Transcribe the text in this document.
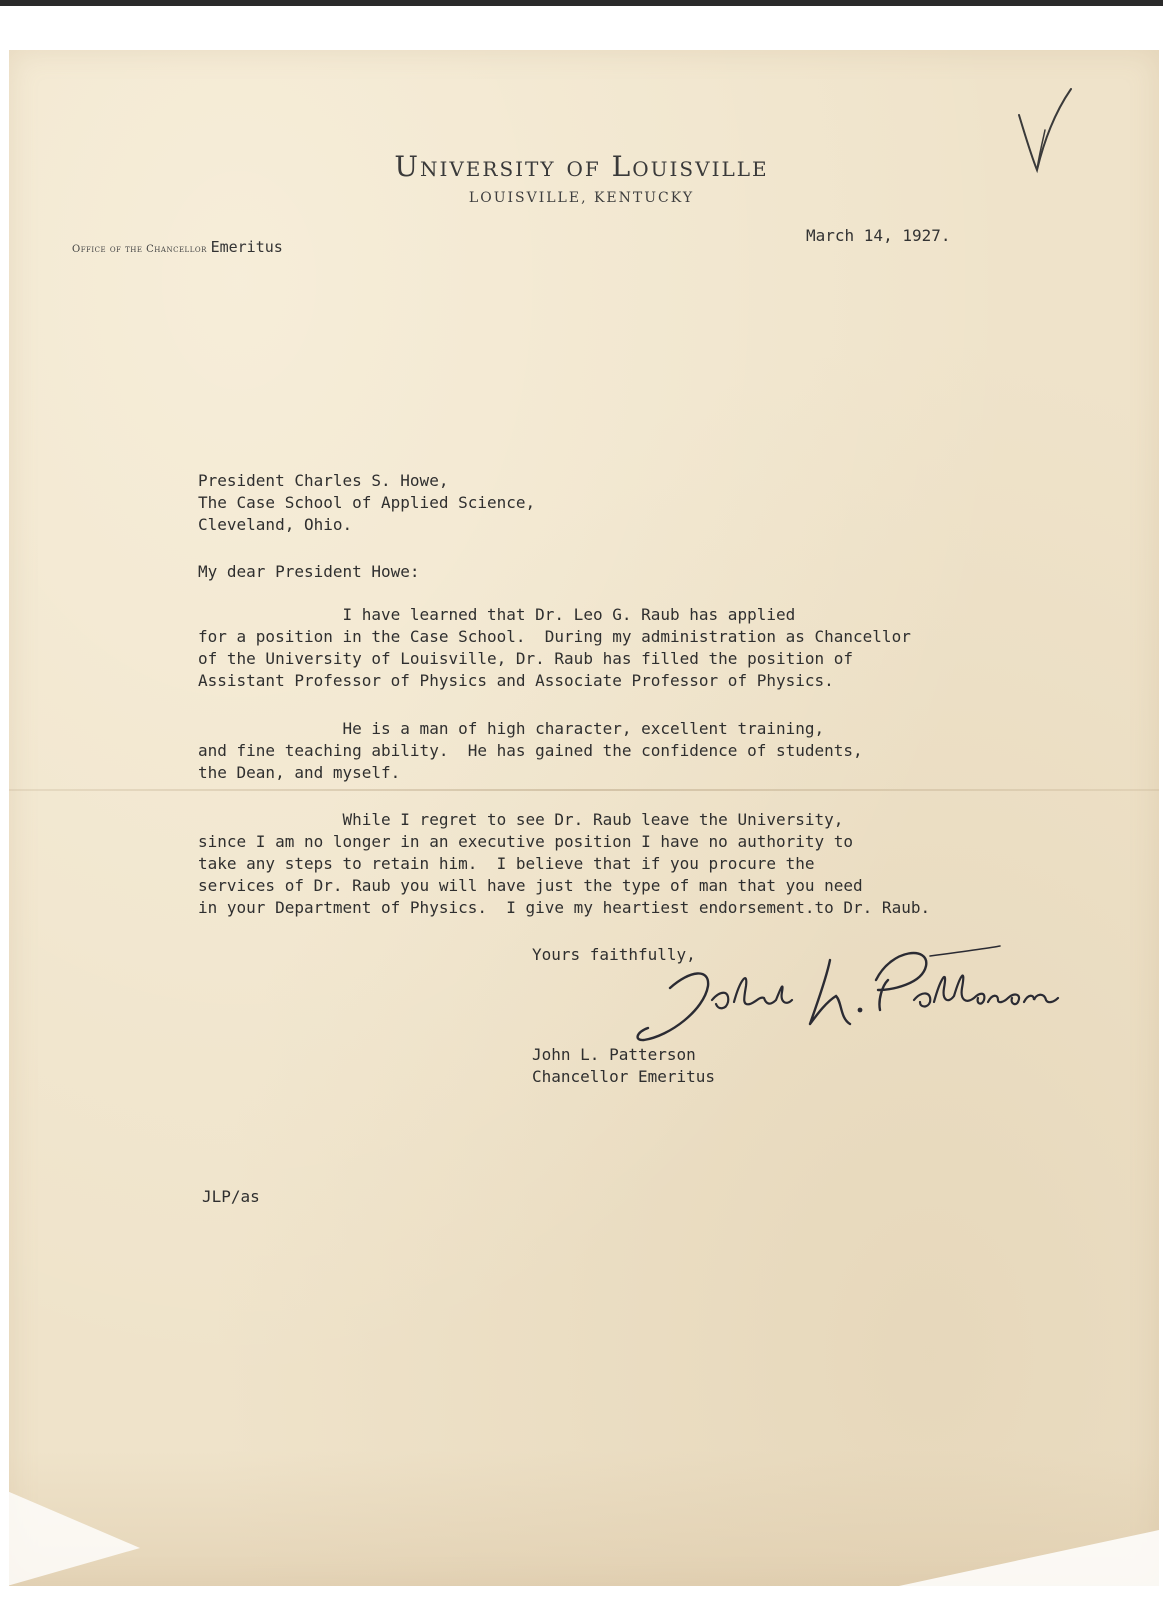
University of Louisville
LOUISVILLE, KENTUCKY
Office of the Chancellor Emeritus
March 14, 1927.
President Charles S. Howe,
The Case School of Applied Science,
Cleveland, Ohio.
My dear President Howe:
I have learned that Dr. Leo G. Raub has applied
for a position in the Case School.  During my administration as Chancellor
of the University of Louisville, Dr. Raub has filled the position of
Assistant Professor of Physics and Associate Professor of Physics.
He is a man of high character, excellent training,
and fine teaching ability.  He has gained the confidence of students,
the Dean, and myself.
While I regret to see Dr. Raub leave the University,
since I am no longer in an executive position I have no authority to
take any steps to retain him.  I believe that if you procure the
services of Dr. Raub you will have just the type of man that you need
in your Department of Physics.  I give my heartiest endorsement.to Dr. Raub.
Yours faithfully,
John L. Patterson
Chancellor Emeritus
JLP/as
